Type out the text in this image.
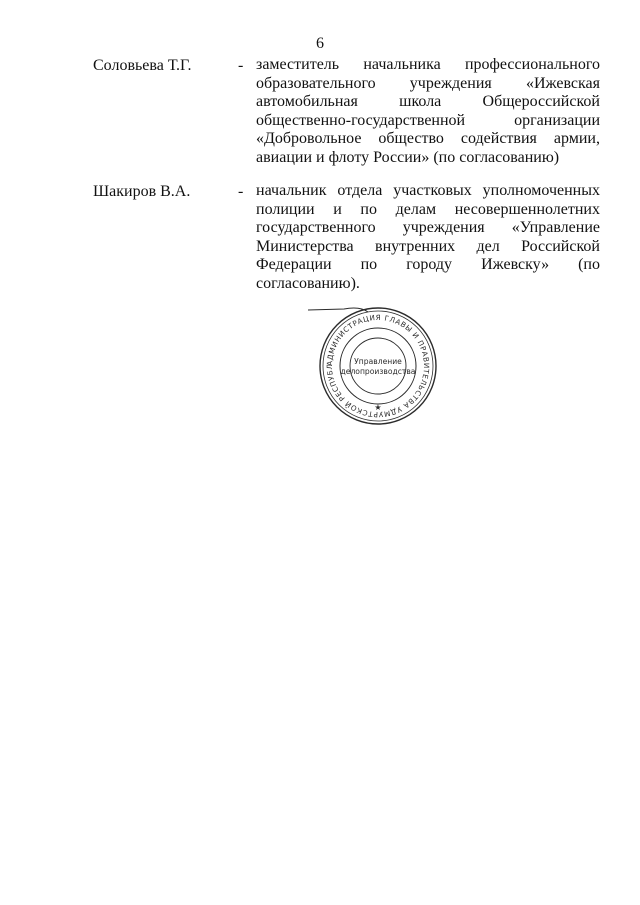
6
Соловьева Т.Г.	- заместитель начальника профессионального образовательного учреждения «Ижевская автомобильная школа Общероссийской общественно-государственной организации «Добровольное общество содействия армии, авиации и флоту России» (по согласованию)
Шакиров В.А.	- начальник отдела участковых уполномоченных полиции и по делам несовершеннолетних государственного учреждения «Управление Министерства внутренних дел Российской Федерации по городу Ижевску» (по согласованию).
АДМИНИСТРАЦИЯ ГЛАВЫ И ПРАВИТЕЛЬСТВА УДМУРТСКОЙ РЕСПУБЛ
★
Управление
делопроизводства
